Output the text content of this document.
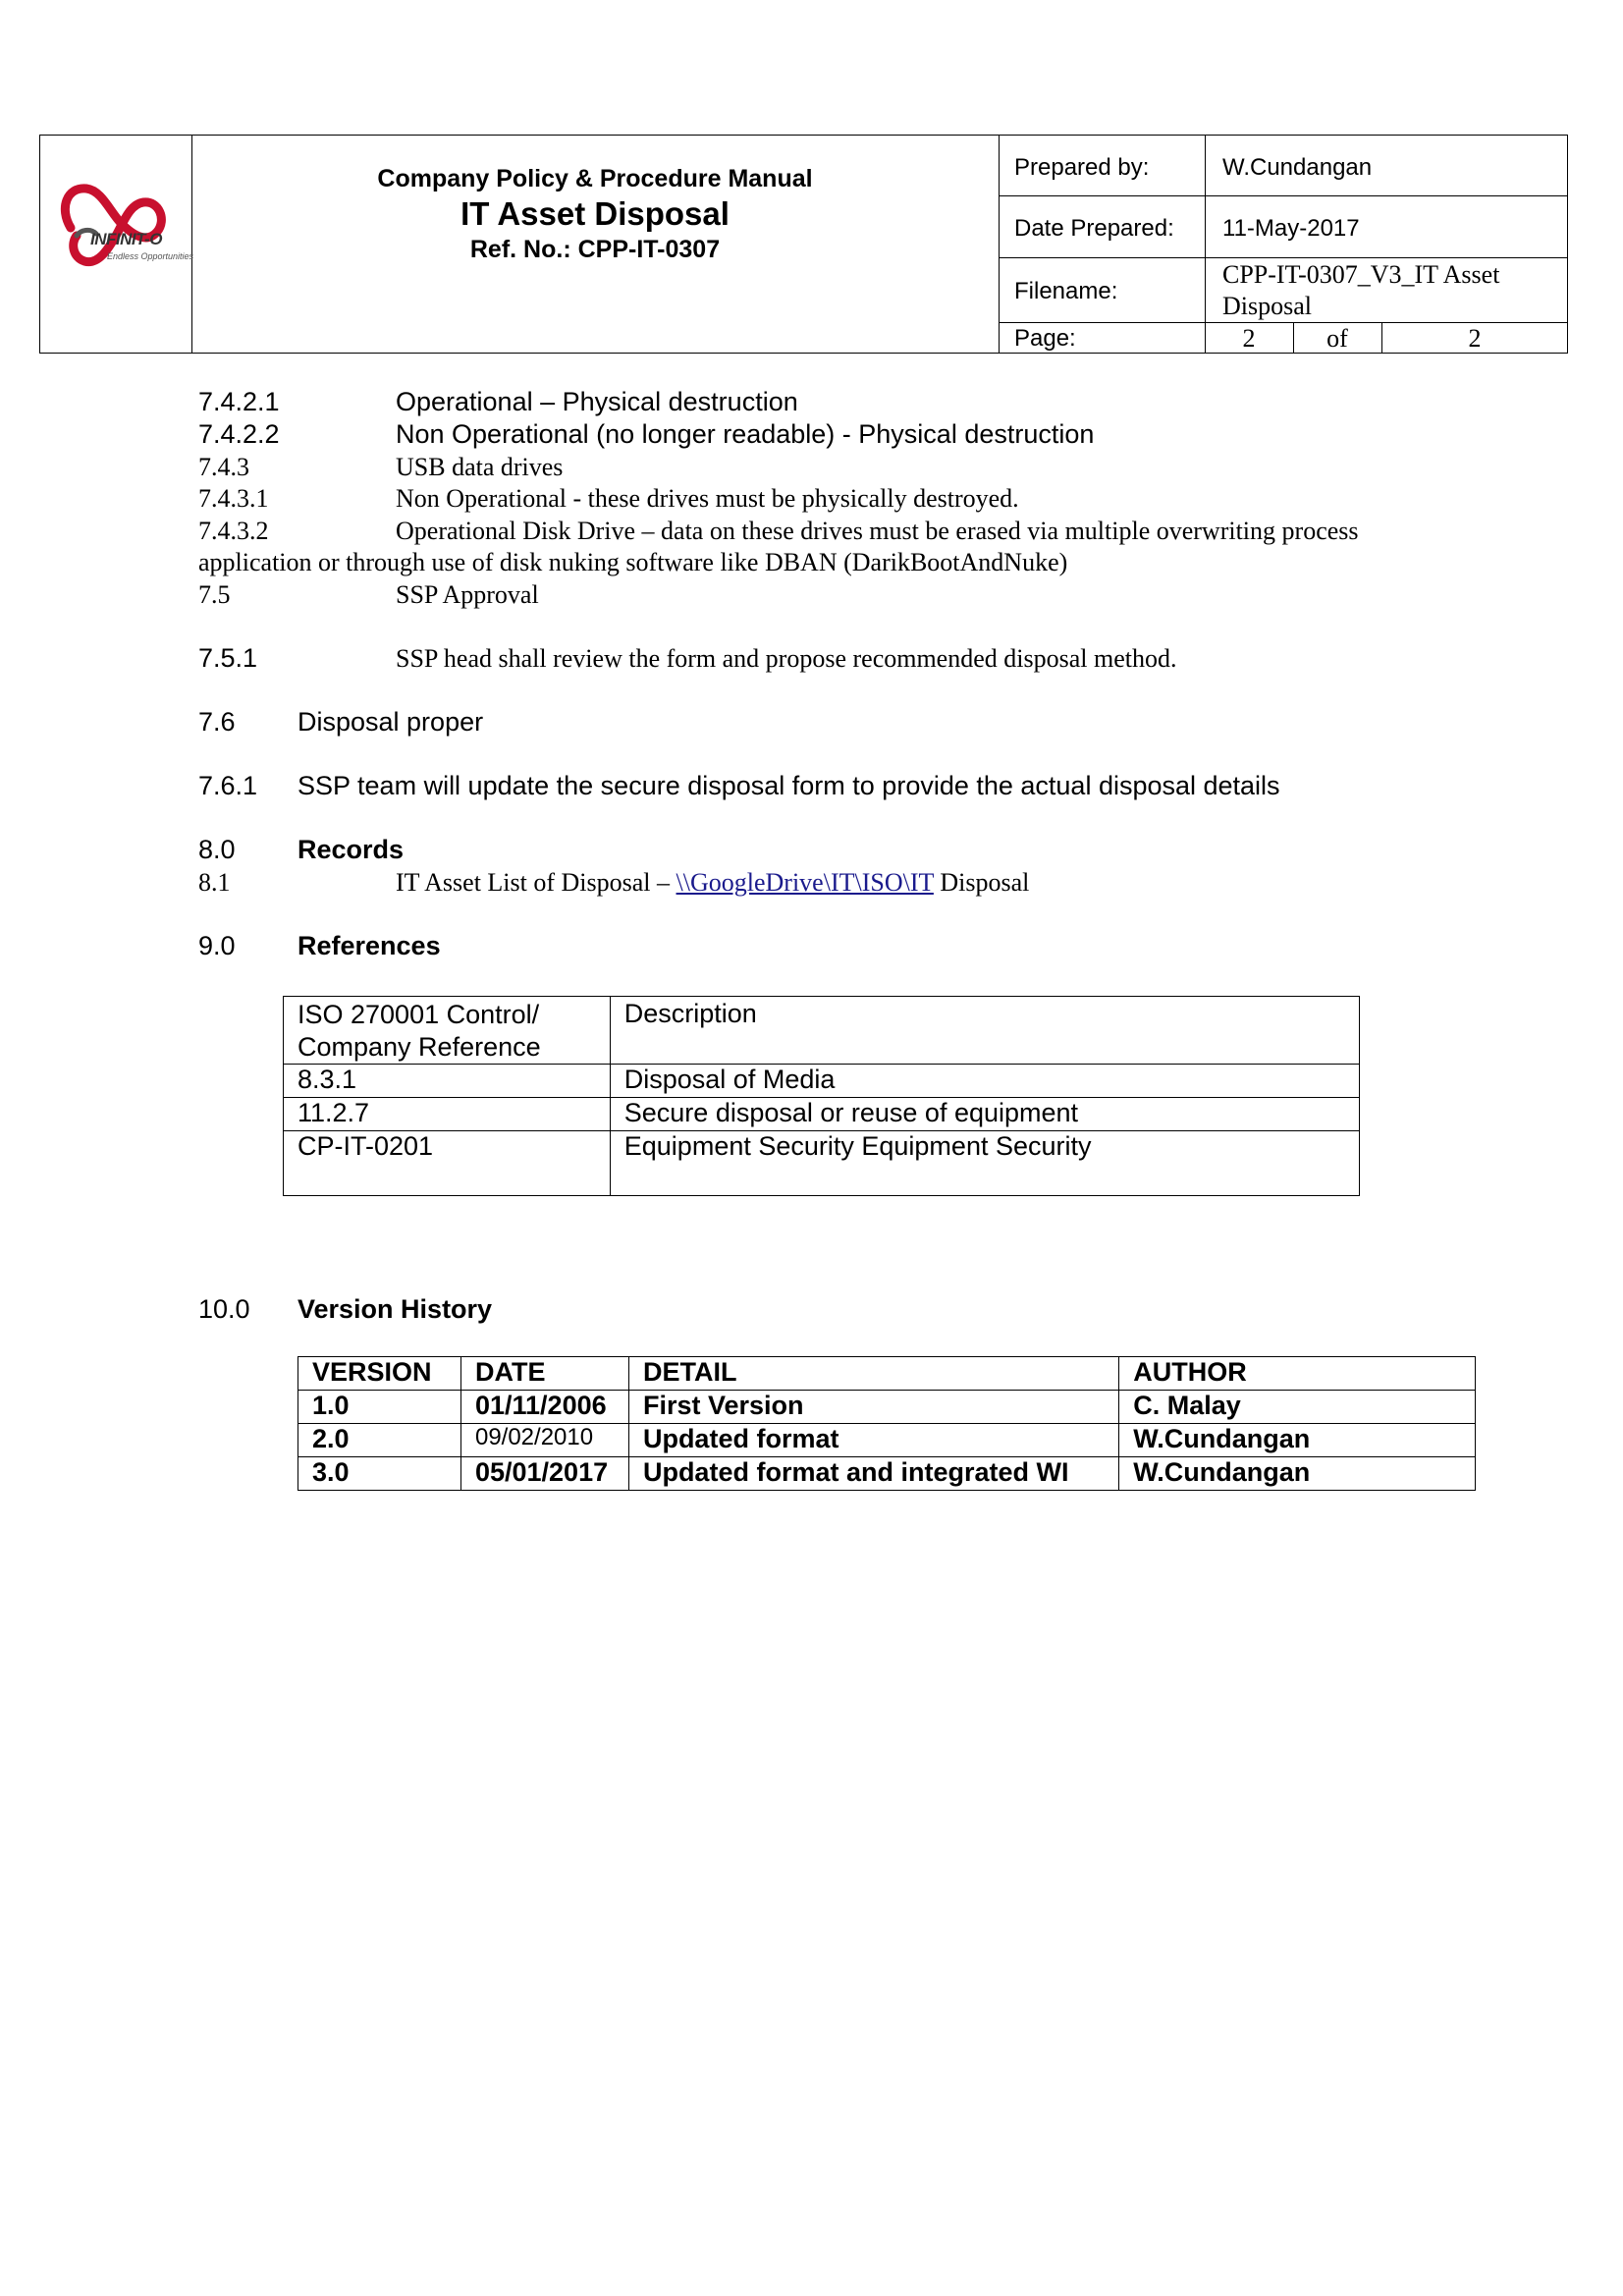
INFINIT-O
Endless Opportunities
Company Policy & Procedure Manual
IT Asset Disposal
Ref. No.: CPP-IT-0307
Prepared by:	W.Cundangan
Date Prepared: 11-May-2017
Filename:
CPP-IT-0307_V3_IT Asset
Disposal
Page:	2	of	2
7.4.2.1	Operational – Physical destruction
7.4.2.2	Non Operational (no longer readable) - Physical destruction
7.4.3	USB data drives
7.4.3.1	Non Operational - these drives must be physically destroyed.
7.4.3.2	Operational Disk Drive – data on these drives must be erased via multiple overwriting process
application or through use of disk nuking software like DBAN (DarikBootAndNuke)
7.5	SSP Approval
7.5.1	SSP head shall review the form and propose recommended disposal method.
7.6 Disposal proper
7.6.1 SSP team will update the secure disposal form to provide the actual disposal details
8.0 Records
8.1	IT Asset List of Disposal – \\GoogleDrive\IT\ISO\IT Disposal
9.0 References
ISO 270001 Control/
Company Reference	Description
8.3.1	Disposal of Media
11.2.7	Secure disposal or reuse of equipment
CP-IT-0201	Equipment Security Equipment Security
10.0 Version History
VERSION	DATE	DETAIL	AUTHOR
1.0	01/11/2006	First Version	C. Malay
2.0	09/02/2010	Updated format	W.Cundangan
3.0	05/01/2017	Updated format and integrated WI	W.Cundangan
